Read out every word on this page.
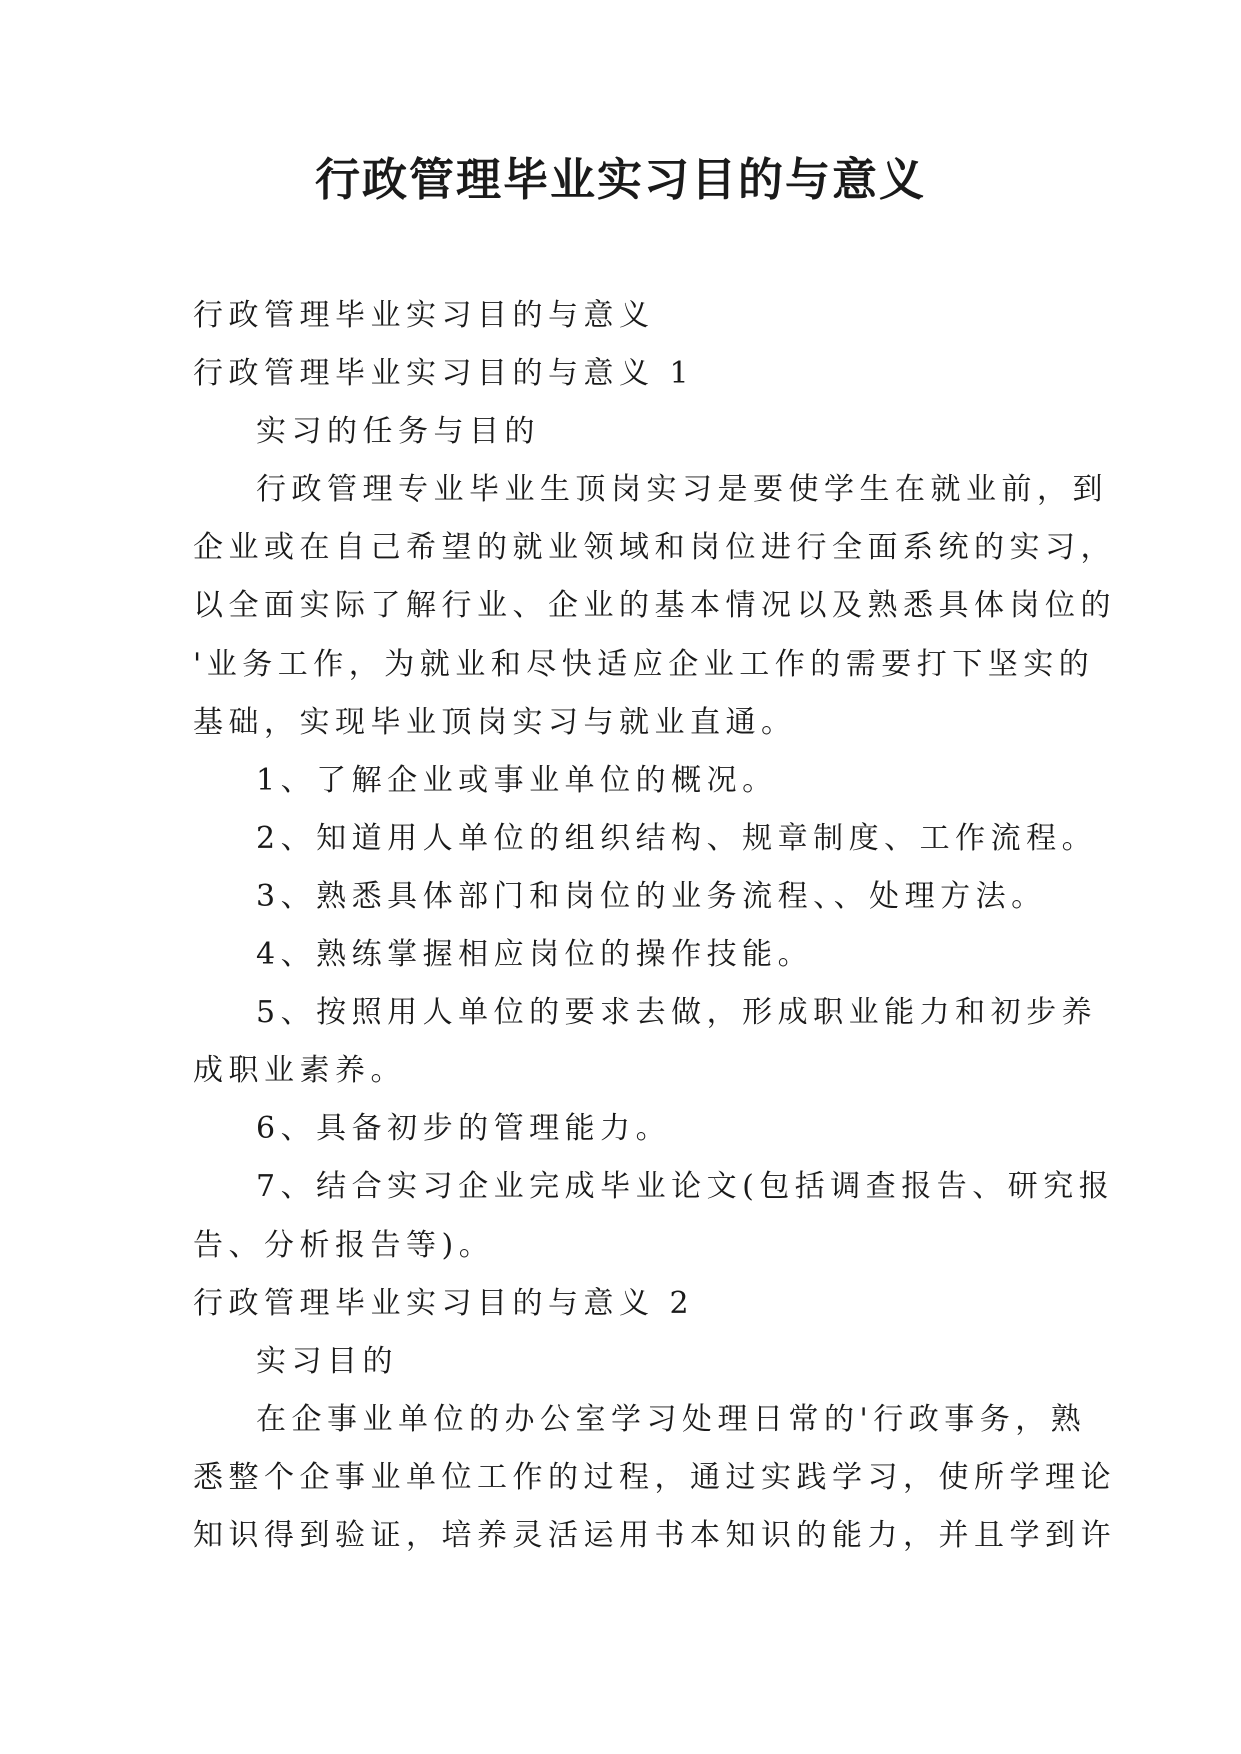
行政管理毕业实习目的与意义
行政管理毕业实习目的与意义
行政管理毕业实习目的与意义 1
实习的任务与目的
行政管理专业毕业生顶岗实习是要使学生在就业前，到
企业或在自己希望的就业领域和岗位进行全面系统的实习，
以全面实际了解行业、企业的基本情况以及熟悉具体岗位的
'业务工作，为就业和尽快适应企业工作的需要打下坚实的
基础，实现毕业顶岗实习与就业直通。
1、了解企业或事业单位的概况。
2、知道用人单位的组织结构、规章制度、工作流程。
3、熟悉具体部门和岗位的业务流程、、处理方法。
4、熟练掌握相应岗位的操作技能。
5、按照用人单位的要求去做，形成职业能力和初步养
成职业素养。
6、具备初步的管理能力。
7、结合实习企业完成毕业论文(包括调查报告、研究报
告、分析报告等)。
行政管理毕业实习目的与意义 2
实习目的
在企事业单位的办公室学习处理日常的'行政事务，熟
悉整个企事业单位工作的过程，通过实践学习，使所学理论
知识得到验证，培养灵活运用书本知识的能力，并且学到许
